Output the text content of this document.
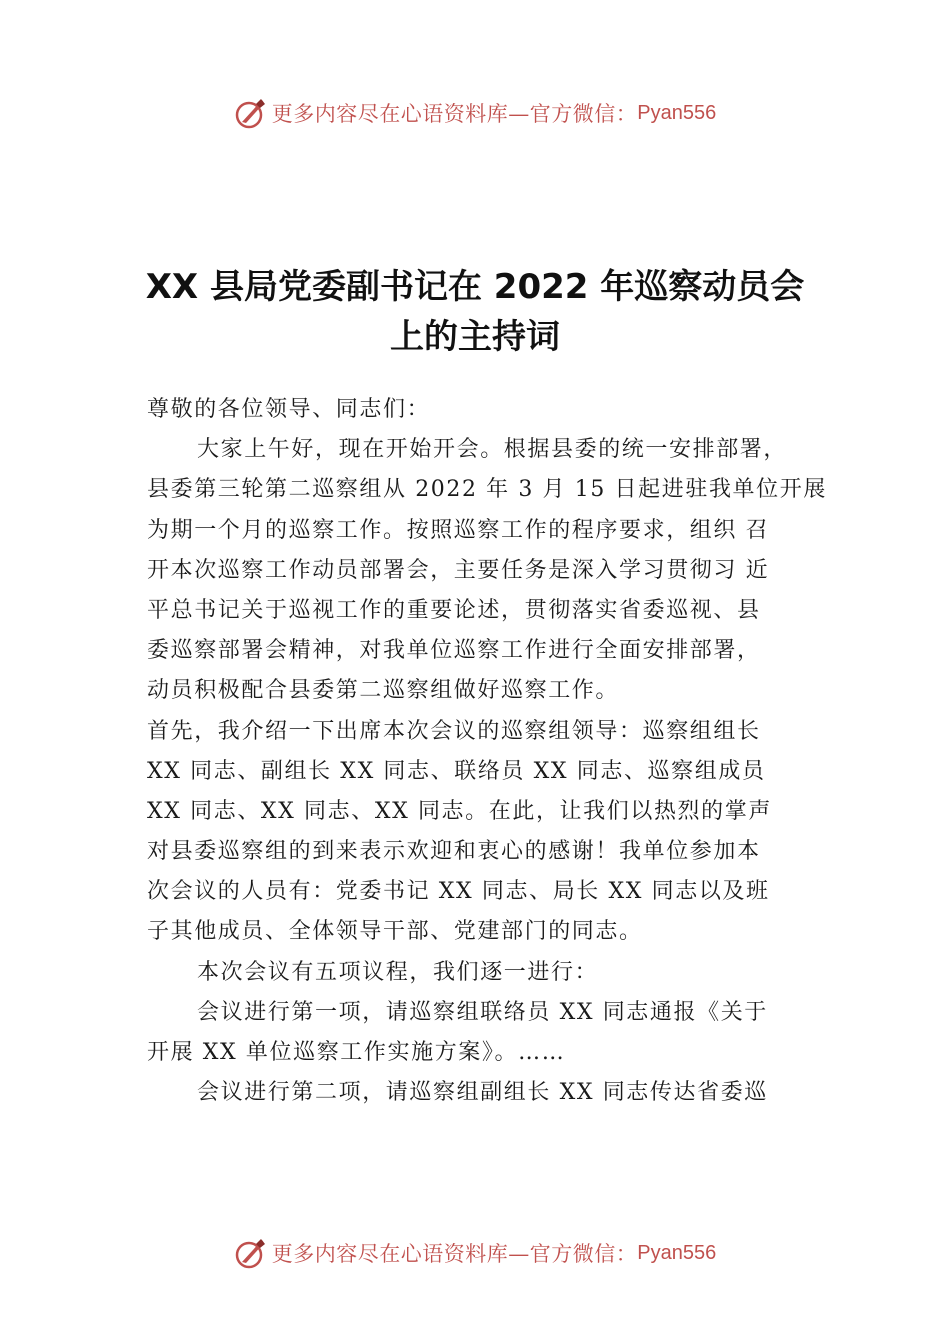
更多内容尽在心语资料库—官方微信： Pyan556
XX 县局党委副书记在 2022 年巡察动员会
上的主持词
尊敬的各位领导、同志们：
大家上午好，现在开始开会。根据县委的统一安排部署，
县委第三轮第二巡察组从 2022 年 3 月 15 日起进驻我单位开展
为期一个月的巡察工作。按照巡察工作的程序要求，组织 召
开本次巡察工作动员部署会，主要任务是深入学习贯彻习 近
平总书记关于巡视工作的重要论述，贯彻落实省委巡视、县
委巡察部署会精神，对我单位巡察工作进行全面安排部署，
动员积极配合县委第二巡察组做好巡察工作。
首先，我介绍一下出席本次会议的巡察组领导：巡察组组长
XX 同志、副组长 XX 同志、联络员 XX 同志、巡察组成员
XX 同志、XX 同志、XX 同志。在此，让我们以热烈的掌声
对县委巡察组的到来表示欢迎和衷心的感谢！我单位参加本
次会议的人员有：党委书记 XX 同志、局长 XX 同志以及班
子其他成员、全体领导干部、党建部门的同志。
本次会议有五项议程，我们逐一进行：
会议进行第一项，请巡察组联络员 XX 同志通报《关于
开展 XX 单位巡察工作实施方案》。……
会议进行第二项，请巡察组副组长 XX 同志传达省委巡
更多内容尽在心语资料库—官方微信： Pyan556
